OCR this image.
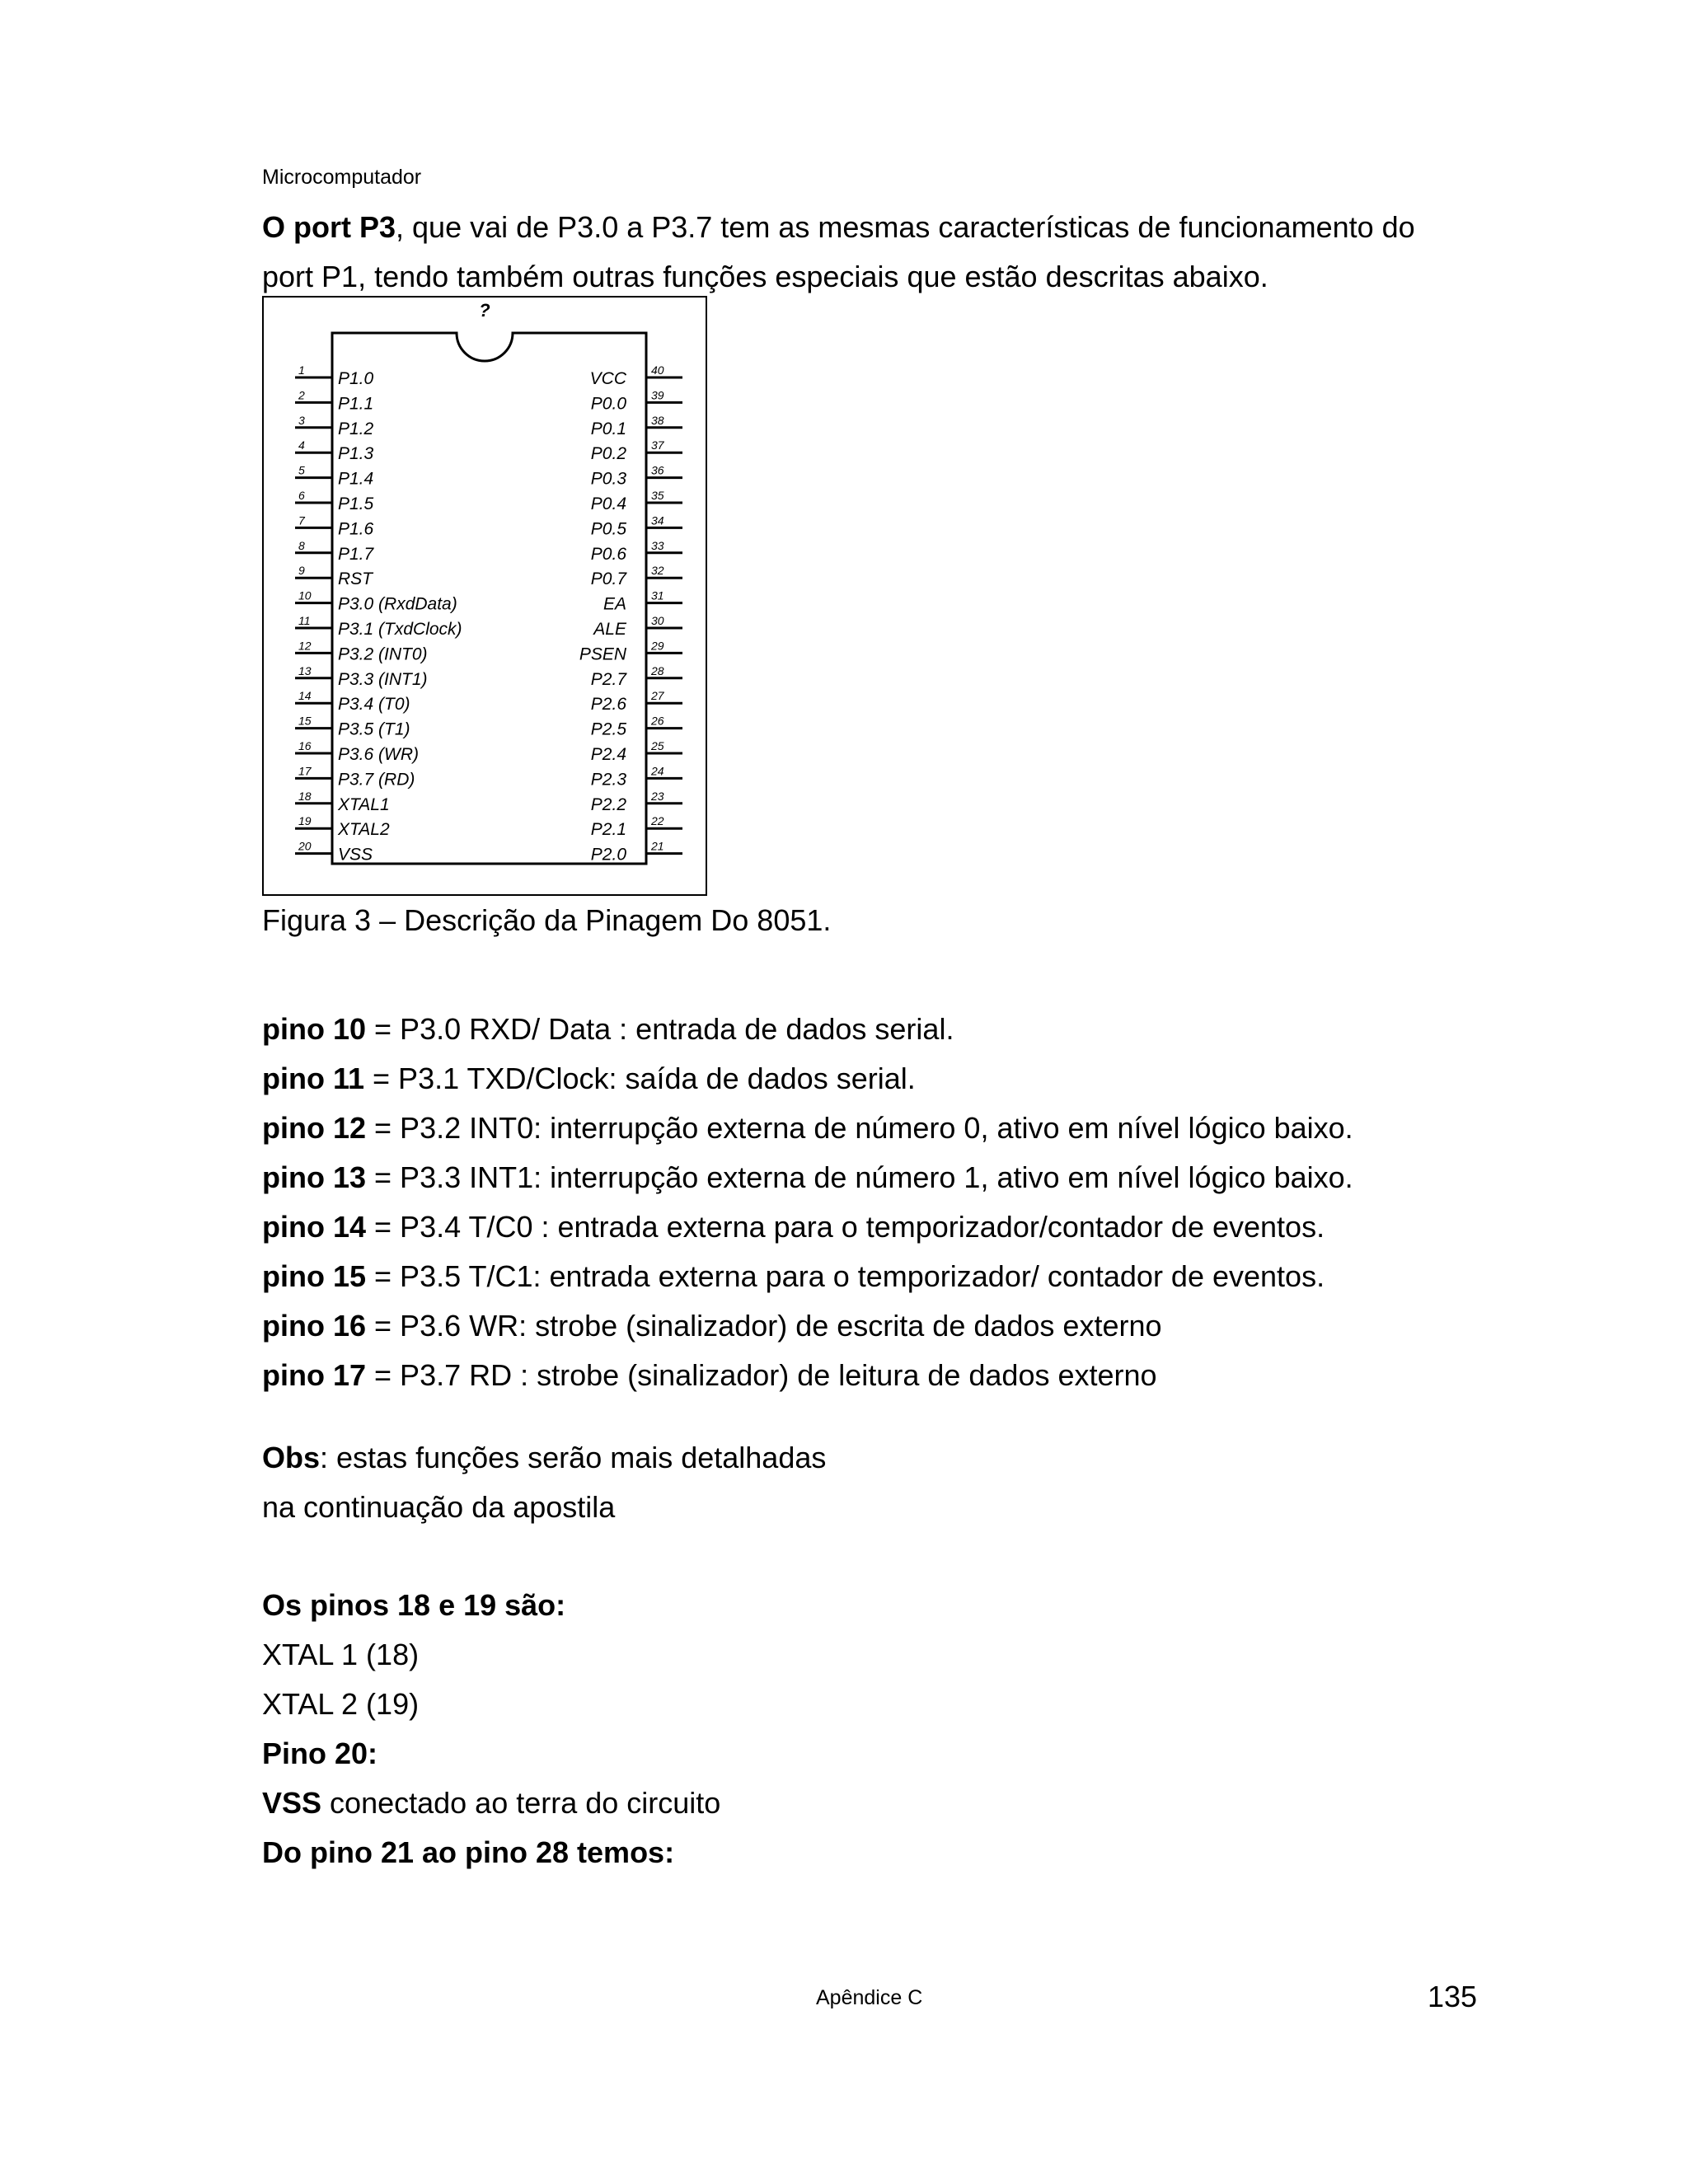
Microcomputador
O port P3, que vai de P3.0 a P3.7 tem as mesmas características de funcionamento do
port P1, tendo também outras funções especiais que estão descritas abaixo.
?
1 P1.0
2 P1.1
3 P1.2
4 P1.3
5 P1.4
6 P1.5
7 P1.6
8 P1.7
9 RST
10 P3.0 (RxdData)
11 P3.1 (TxdClock)
12 P3.2 (INT0)
13 P3.3 (INT1)
14 P3.4 (T0)
15 P3.5 (T1)
16 P3.6 (WR)
17 P3.7 (RD)
18 XTAL1
19 XTAL2
20 VSS
40
VCC
39
P0.0
38
P0.1
37
P0.2
36
P0.3
35
P0.4
34
P0.5
33
P0.6
32
P0.7
31
EA
30
ALE
29
PSEN
28
P2.7
27
P2.6
26
P2.5
25
P2.4
24
P2.3
23
P2.2
22
P2.1
21
P2.0
Figura 3 – Descrição da Pinagem Do 8051.
pino 10 = P3.0 RXD/ Data : entrada de dados serial.
pino 11 = P3.1 TXD/Clock: saída de dados serial.
pino 12 = P3.2 INT0: interrupção externa de número 0, ativo em nível lógico baixo.
pino 13 = P3.3 INT1: interrupção externa de número 1, ativo em nível lógico baixo.
pino 14 = P3.4 T/C0 : entrada externa para o temporizador/contador de eventos.
pino 15 = P3.5 T/C1: entrada externa para o temporizador/ contador de eventos.
pino 16 = P3.6 WR: strobe (sinalizador) de escrita de dados externo
pino 17 = P3.7 RD : strobe (sinalizador) de leitura de dados externo
Obs: estas funções serão mais detalhadas
na continuação da apostila
Os pinos 18 e 19 são:
XTAL 1 (18)
XTAL 2 (19)
Pino 20:
VSS conectado ao terra do circuito
Do pino 21 ao pino 28 temos:
Apêndice C	135
